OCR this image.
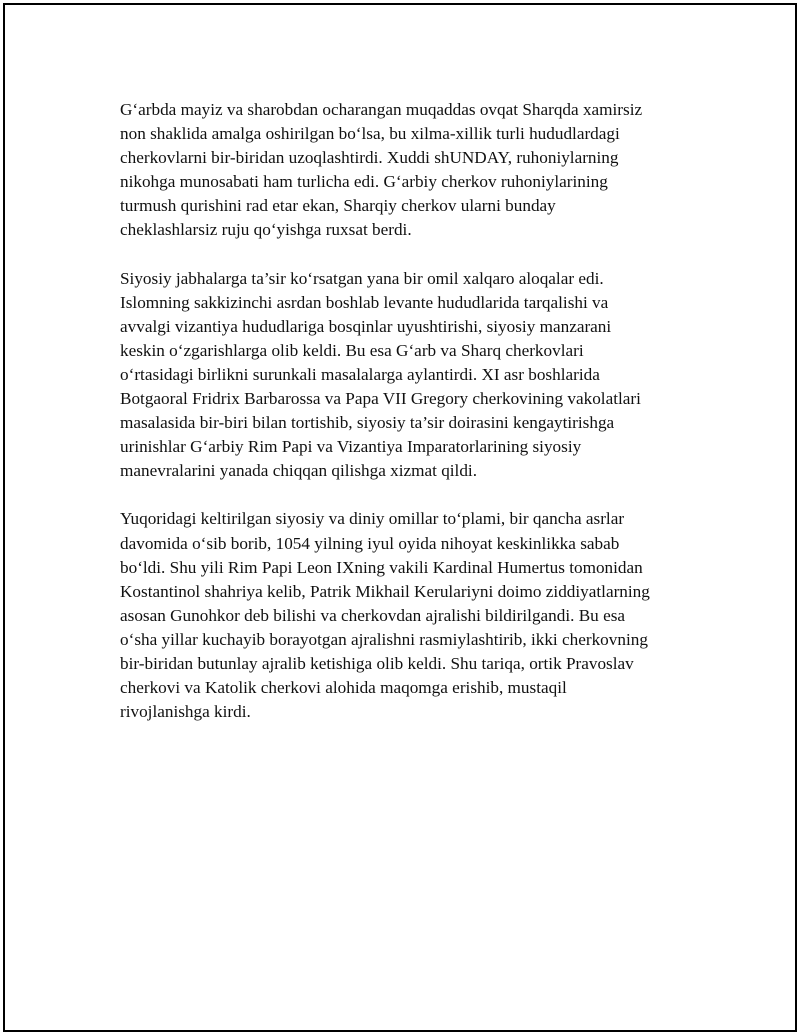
G‘arbda mayiz va sharobdan ocharangan muqaddas ovqat Sharqda xamirsiz
non shaklida amalga oshirilgan bo‘lsa, bu xilma-xillik turli hududlardagi
cherkovlarni bir-biridan uzoqlashtirdi. Xuddi shUNDAY, ruhoniylarning
nikohga munosabati ham turlicha edi. G‘arbiy cherkov ruhoniylarining
turmush qurishini rad etar ekan, Sharqiy cherkov ularni bunday
cheklashlarsiz ruju qo‘yishga ruxsat berdi.

Siyosiy jabhalarga ta’sir ko‘rsatgan yana bir omil xalqaro aloqalar edi.
Islomning sakkizinchi asrdan boshlab levante hududlarida tarqalishi va
avvalgi vizantiya hududlariga bosqinlar uyushtirishi, siyosiy manzarani
keskin o‘zgarishlarga olib keldi. Bu esa G‘arb va Sharq cherkovlari
o‘rtasidagi birlikni surunkali masalalarga aylantirdi. XI asr boshlarida
Botgaoral Fridrix Barbarossa va Papa VII Gregory cherkovining vakolatlari
masalasida bir-biri bilan tortishib, siyosiy ta’sir doirasini kengaytirishga
urinishlar G‘arbiy Rim Papi va Vizantiya Imparatorlarining siyosiy
manevralarini yanada chiqqan qilishga xizmat qildi.

Yuqoridagi keltirilgan siyosiy va diniy omillar to‘plami, bir qancha asrlar
davomida o‘sib borib, 1054 yilning iyul oyida nihoyat keskinlikka sabab
bo‘ldi. Shu yili Rim Papi Leon IXning vakili Kardinal Humertus tomonidan
Kostantinol shahriya kelib, Patrik Mikhail Kerulariyni doimo ziddiyatlarning
asosan Gunohkor deb bilishi va cherkovdan ajralishi bildirilgandi. Bu esa
o‘sha yillar kuchayib borayotgan ajralishni rasmiylashtirib, ikki cherkovning
bir-biridan butunlay ajralib ketishiga olib keldi. Shu tariqa, ortik Pravoslav
cherkovi va Katolik cherkovi alohida maqomga erishib, mustaqil
rivojlanishga kirdi.
